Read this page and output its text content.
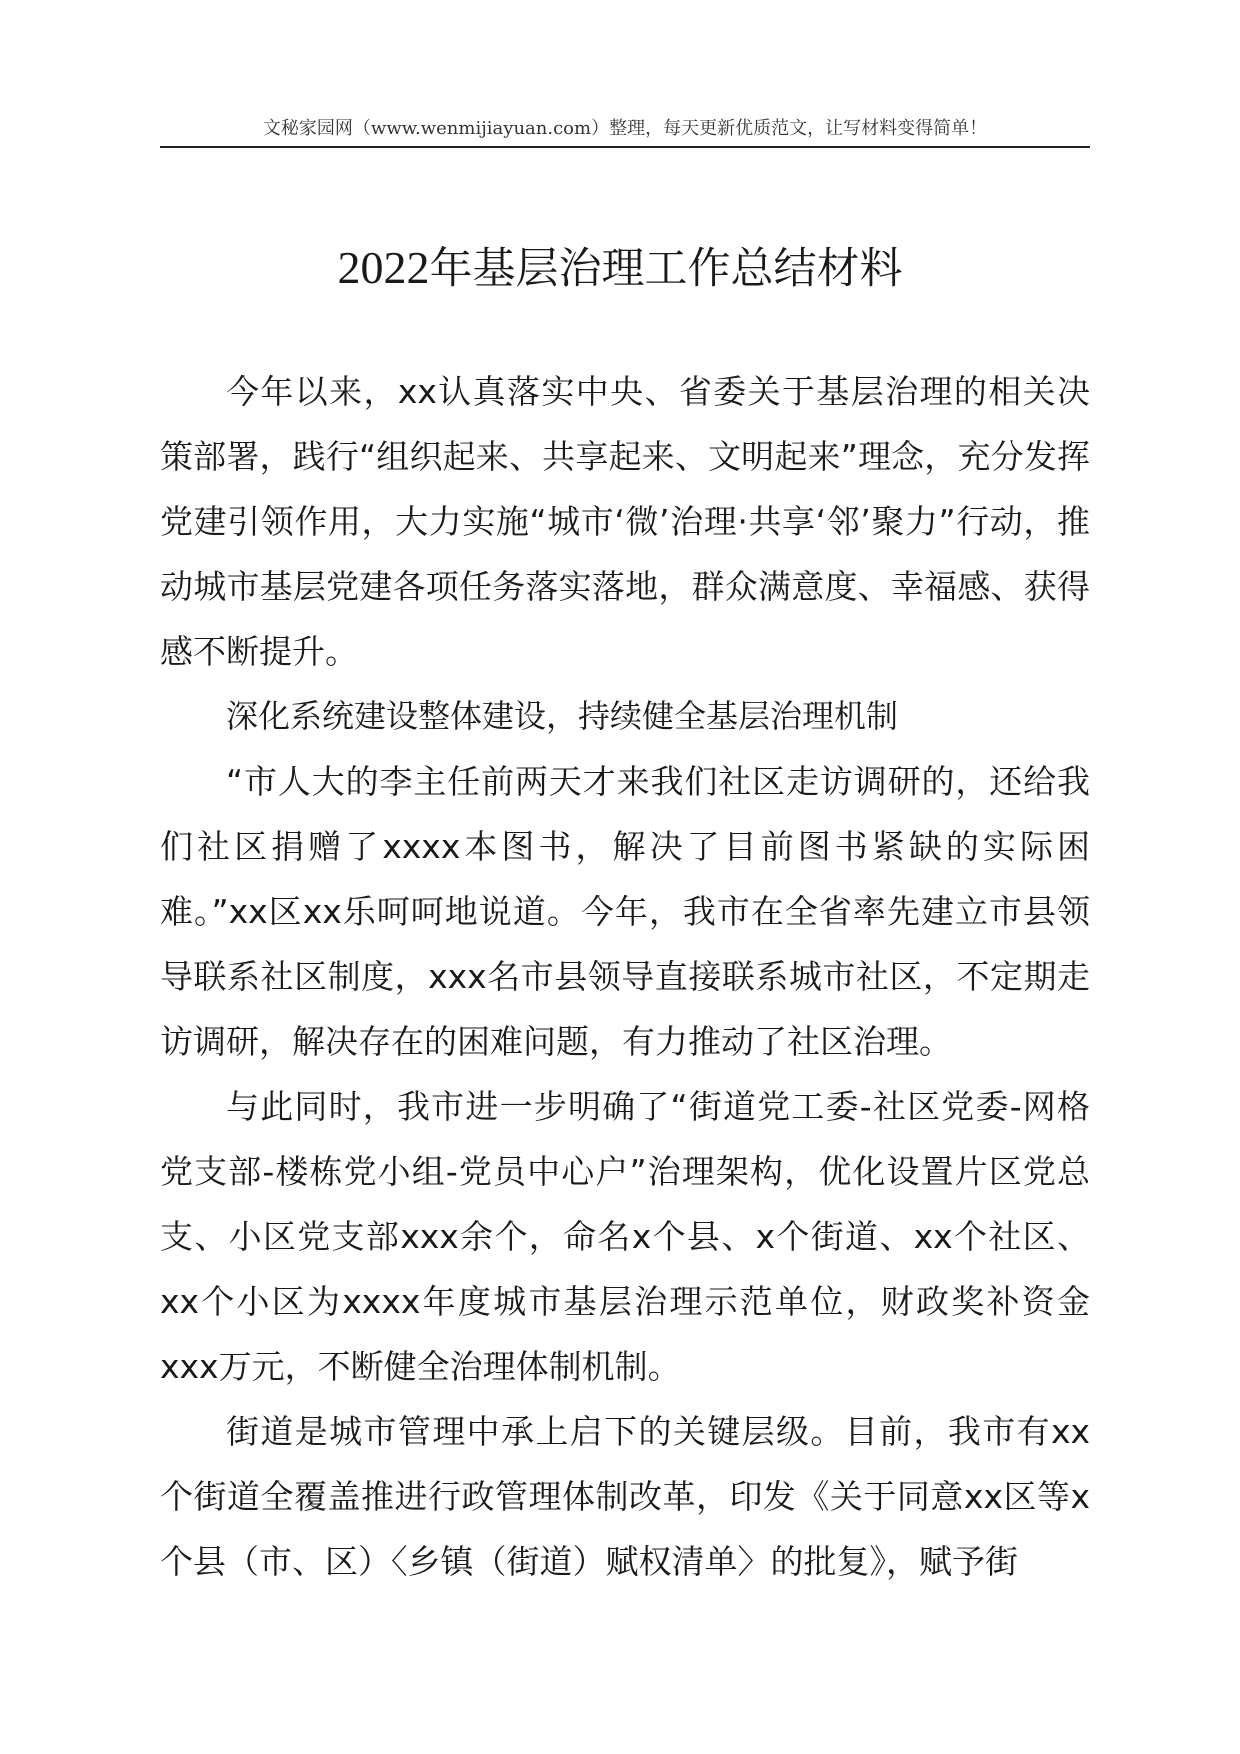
文秘家园网（www.wenmijiayuan.com）整理，每天更新优质范文，让写材料变得简单！
2022年基层治理工作总结材料

今年以来，xx认真落实中央、省委关于基层治理的相关决策部署，践行“组织起来、共享起来、文明起来”理念，充分发挥党建引领作用，大力实施“城市‘微’治理·共享‘邻’聚力”行动，推动城市基层党建各项任务落实落地，群众满意度、幸福感、获得感不断提升。

深化系统建设整体建设，持续健全基层治理机制

“市人大的李主任前两天才来我们社区走访调研的，还给我们社区捐赠了xxxx本图书，解决了目前图书紧缺的实际困难。”xx区xx乐呵呵地说道。今年，我市在全省率先建立市县领导联系社区制度，xxx名市县领导直接联系城市社区，不定期走访调研，解决存在的困难问题，有力推动了社区治理。

与此同时，我市进一步明确了“街道党工委-社区党委-网格党支部-楼栋党小组-党员中心户”治理架构，优化设置片区党总支、小区党支部xxx余个，命名x个县、x个街道、xx个社区、xx个小区为xxxx年度城市基层治理示范单位，财政奖补资金xxx万元，不断健全治理体制机制。

街道是城市管理中承上启下的关键层级。目前，我市有xx个街道全覆盖推进行政管理体制改革，印发《关于同意xx区等x个县（市、区）〈乡镇（街道）赋权清单〉的批复》，赋予街
